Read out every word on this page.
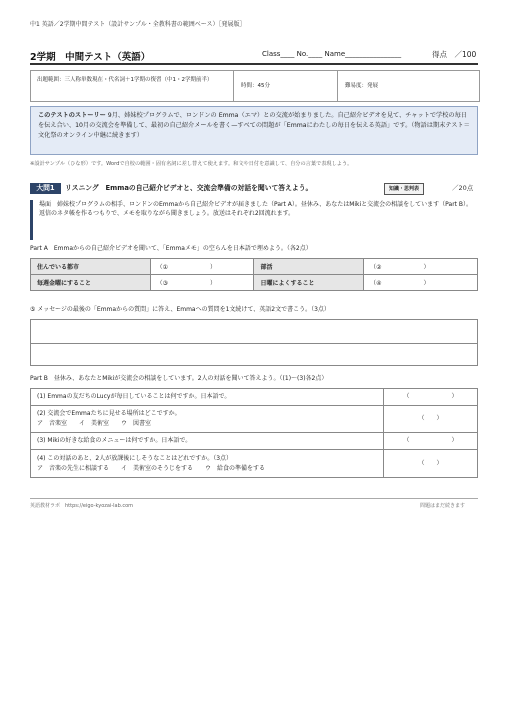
中1 英語／2学期中間テスト（設計サンプル・全教科書の範囲ベース）［発展版］
2学期　中間テスト（英語）	Class____ No.____ Name________________	得点　／100
出題範囲：三人称単数現在・代名詞＋1学期の復習（中1・2学期前半）
時間：45分	難易度：発展
このテストのストーリー 9月、姉妹校プログラムで、ロンドンの Emma（エマ）との交流が始まりました。自己紹介ビデオを見て、チャットで学校の毎日を伝え合い、10月の交流会を準備して、最初の自己紹介メールを書く—すべての問題が「Emmaにわたしの毎日を伝える英語」です。（物語は期末テスト＝文化祭のオンライン中継に続きます）
※設計サンプル（ひな形）です。Wordで自校の範囲・固有名詞に差し替えて使えます。和文や日付を意識して、自分の言葉で表現しよう。
大問1	リスニング　Emmaの自己紹介ビデオと、交流会準備の対話を聞いて答えよう。	知識・思判表	／20点
場面　姉妹校プログラムの相手、ロンドンのEmmaから自己紹介ビデオが届きました（Part A）。昼休み、あなたはMikiと交流会の相談をしています（Part B）。返信のネタ帳を作るつもりで、メモを取りながら聞きましょう。放送はそれぞれ2回流れます。
Part A　Emmaからの自己紹介ビデオを聞いて、「Emmaメモ」の空らんを日本語で埋めよう。（各2点）
住んでいる都市	（①　　　　　　　）	部活	（②　　　　　　　）
毎週金曜にすること	（③　　　　　　　）	日曜によくすること	（④　　　　　　　）
⑤ メッセージの最後の「Emmaからの質問」に答え、Emmaへの質問を1文続けて、英語2文で書こう。（3点）
Part B　昼休み、あなたとMikiが交流会の相談をしています。2人の対話を聞いて答えよう。（(1)〜(3)各2点）
(1) Emmaの友だちのLucyが毎日していることは何ですか。日本語で。	（　　　　　　　）

(2) 交流会でEmmaたちに見せる場所はどこですか。
ア　音楽室　　イ　美術室　　ウ　図書室	（　　）
(3) Mikiの好きな給食のメニューは何ですか。日本語で。	（　　　　　　　）

(4) この対話のあと、2人が放課後にしそうなことはどれですか。（3点）
ア　音楽の先生に相談する　　イ　美術室のそうじをする　　ウ　給食の準備をする	（　　）
英語教材ラボ　https://eigo-kyozai-lab.com	問題はまだ続きます
